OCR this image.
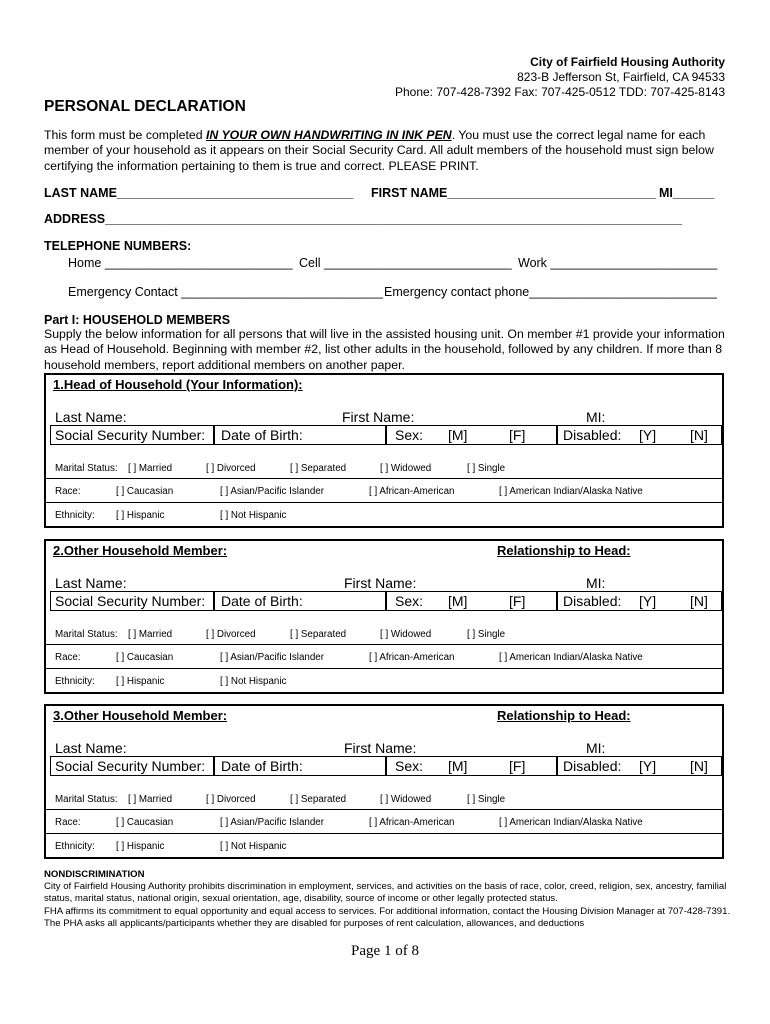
City of Fairfield Housing Authority
823-B Jefferson St, Fairfield, CA 94533
Phone: 707-428-7392 Fax: 707-425-0512 TDD: 707-425-8143
PERSONAL DECLARATION
This form must be completed IN YOUR OWN HANDWRITING IN INK PEN. You must use the correct legal name for each member of your household as it appears on their Social Security Card. All adult members of the household must sign below certifying the information pertaining to them is true and correct. PLEASE PRINT.
LAST NAME__________________________________ FIRST NAME______________________________ MI______
ADDRESS___________________________________________________________________________________
TELEPHONE NUMBERS:
Home ___________________________ Cell ___________________________ Work ________________________
Emergency Contact _____________________________ Emergency contact phone___________________________
Part I: HOUSEHOLD MEMBERS
Supply the below information for all persons that will live in the assisted housing unit. On member #1 provide your information as Head of Household. Beginning with member #2, list other adults in the household, followed by any children. If more than 8 household members, report additional members on another paper.
1.Head of Household (Your Information):
Last Name:	First Name:	MI:
Social Security Number: Date of Birth:	Sex: [M]	[F]	Disabled: [Y] [N]
Marital Status: [ ] Married	[ ] Divorced	[ ] Separated	[ ] Widowed	[ ] Single
Race:	[ ] Caucasian	[ ] Asian/Pacific Islander	[ ] African-American	[ ] American Indian/Alaska Native
Ethnicity: [ ] Hispanic	[ ] Not Hispanic
2.Other Household Member:	Relationship to Head:
Last Name:	First Name:	MI:
Social Security Number: Date of Birth:	Sex: [M]	[F]	Disabled: [Y] [N]
Marital Status: [ ] Married	[ ] Divorced	[ ] Separated	[ ] Widowed	[ ] Single
Race:	[ ] Caucasian	[ ] Asian/Pacific Islander	[ ] African-American	[ ] American Indian/Alaska Native
Ethnicity: [ ] Hispanic	[ ] Not Hispanic
3.Other Household Member:	Relationship to Head:
Last Name:	First Name:	MI:
Social Security Number: Date of Birth:	Sex: [M]	[F]	Disabled: [Y] [N]
Marital Status: [ ] Married	[ ] Divorced	[ ] Separated	[ ] Widowed	[ ] Single
Race:	[ ] Caucasian	[ ] Asian/Pacific Islander	[ ] African-American	[ ] American Indian/Alaska Native
Ethnicity: [ ] Hispanic	[ ] Not Hispanic
NONDISCRIMINATION
City of Fairfield Housing Authority prohibits discrimination in employment, services, and activities on the basis of race, color, creed, religion, sex, ancestry, familial status, marital status, national origin, sexual orientation, age, disability, source of income or other legally protected status.
FHA affirms its commitment to equal opportunity and equal access to services. For additional information, contact the Housing Division Manager at 707-428-7391. The PHA asks all applicants/participants whether they are disabled for purposes of rent calculation, allowances, and deductions
Page 1 of 8
